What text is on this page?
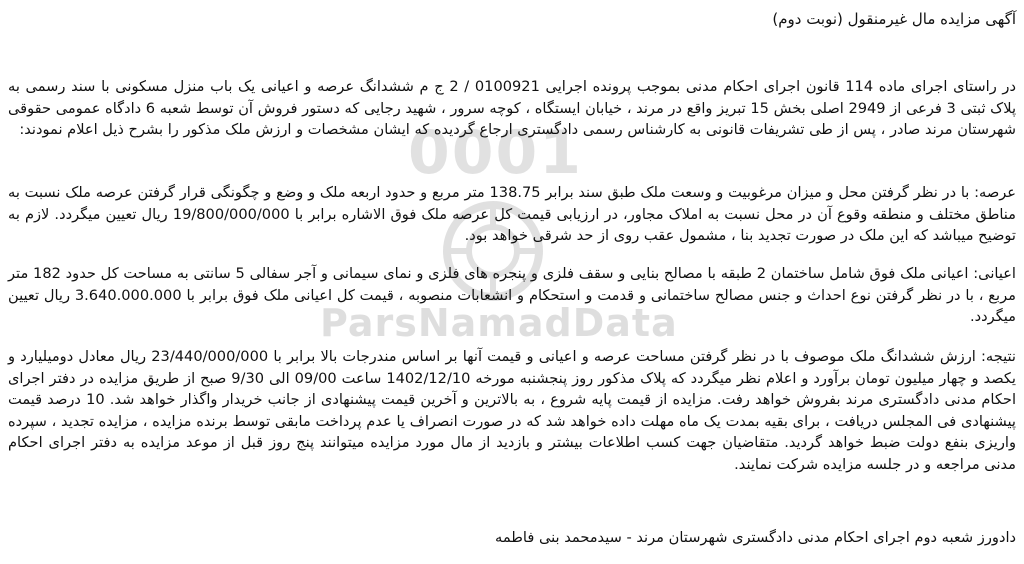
0001
ParsNamadData
آگهی مزایده مال غیرمنقول (نوبت دوم)
در راستای اجرای ماده 114 قانون اجرای احکام مدنی بموجب پرونده اجرایی 0100921 / 2 ج م ششدانگ عرصه و اعیانی یک باب منزل مسکونی با سند رسمی به پلاک ثبتی 3 فرعی از 2949 اصلی بخش 15 تبریز واقع در مرند ، خیابان ایستگاه ، کوچه سرور ، شهید رجایی که دستور فروش آن توسط شعبه 6 دادگاه عمومی حقوقی شهرستان مرند صادر ، پس از طی تشریفات قانونی به کارشناس رسمی دادگستری ارجاع گردیده که ایشان مشخصات و ارزش ملک مذکور را بشرح ذیل اعلام نمودند:
عرصه: با در نظر گرفتن محل و میزان مرغوبیت و وسعت ملک طبق سند برابر 138.75 متر مربع و حدود اربعه ملک و وضع و چگونگی قرار گرفتن عرصه ملک نسبت به مناطق مختلف و منطقه وقوع آن در محل نسبت به املاک مجاور، در ارزیابی قیمت کل عرصه ملک فوق الاشاره برابر با 19/800/000/000 ریال تعیین میگردد. لازم به توضیح میباشد که این ملک در صورت تجدید بنا ، مشمول عقب روی از حد شرقی خواهد بود.
اعیانی: اعیانی ملک فوق شامل ساختمان 2 طبقه با مصالح بنایی و سقف فلزی و پنجره های فلزی و نمای سیمانی و آجر سفالی 5 سانتی به مساحت کل حدود 182 متر مربع ، با در نظر گرفتن نوع احداث و جنس مصالح ساختمانی و قدمت و استحکام و انشعابات منصوبه ، قیمت کل اعیانی ملک فوق برابر با 3.640.000.000 ریال تعیین میگردد.
نتیجه: ارزش ششدانگ ملک موصوف با در نظر گرفتن مساحت عرصه و اعیانی و قیمت آنها بر اساس مندرجات بالا برابر با 23/440/000/000 ریال معادل دومیلیارد و یکصد و چهار میلیون تومان برآورد و اعلام نظر میگردد که پلاک مذکور روز پنجشنبه مورخه 1402/12/10 ساعت 09/00 الی 9/30 صبح از طریق مزایده در دفتر اجرای احکام مدنی دادگستری مرند بفروش خواهد رفت. مزایده از قیمت پایه شروع ، به بالاترین و آخرین قیمت پیشنهادی از جانب خریدار واگذار خواهد شد. 10 درصد قیمت پیشنهادی فی المجلس دریافت ، برای بقیه بمدت یک ماه مهلت داده خواهد شد که در صورت انصراف یا عدم پرداخت مابقی توسط برنده مزایده ، مزایده تجدید ، سپرده واریزی بنفع دولت ضبط خواهد گردید. متقاضیان جهت کسب اطلاعات بیشتر و بازدید از مال مورد مزایده میتوانند پنج روز قبل از موعد مزایده به دفتر اجرای احکام مدنی مراجعه و در جلسه مزایده شرکت نمایند.
دادورز شعبه دوم اجرای احکام مدنی دادگستری شهرستان مرند - سیدمحمد بنی فاطمه
